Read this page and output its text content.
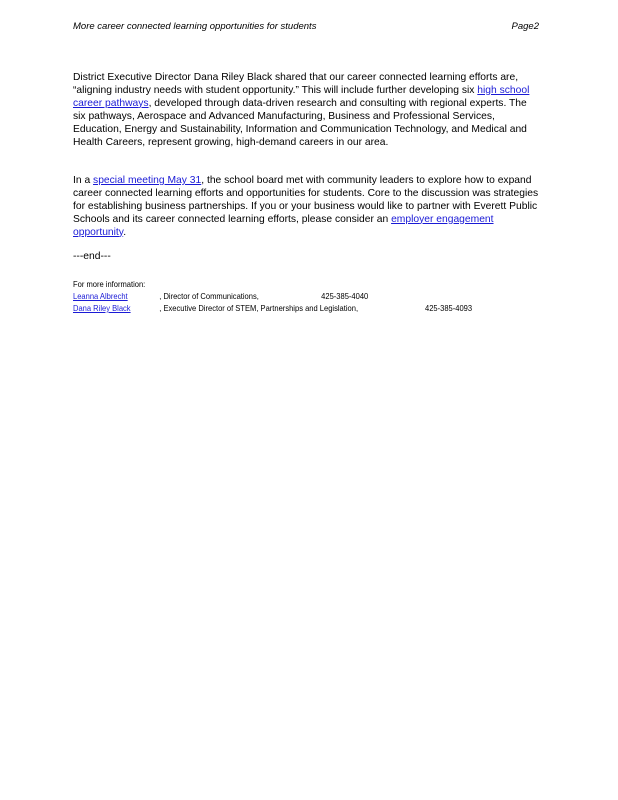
More career connected learning opportunities for students	Page2
District Executive Director Dana Riley Black shared that our career connected learning efforts are, “aligning industry needs with student opportunity.” This will include further developing six high school career pathways, developed through data-driven research and consulting with regional experts. The six pathways, Aerospace and Advanced Manufacturing, Business and Professional Services, Education, Energy and Sustainability, Information and Communication Technology, and Medical and Health Careers, represent growing, high-demand careers in our area.
In a special meeting May 31, the school board met with community leaders to explore how to expand career connected learning efforts and opportunities for students. Core to the discussion was strategies for establishing business partnerships. If you or your business would like to partner with Everett Public Schools and its career connected learning efforts, please consider an employer engagement opportunity.
---end---
For more information:
Leanna Albrecht	, Director of Communications,	425-385-4040
Dana Riley Black	, Executive Director of STEM, Partnerships and Legislation,	425-385-4093
